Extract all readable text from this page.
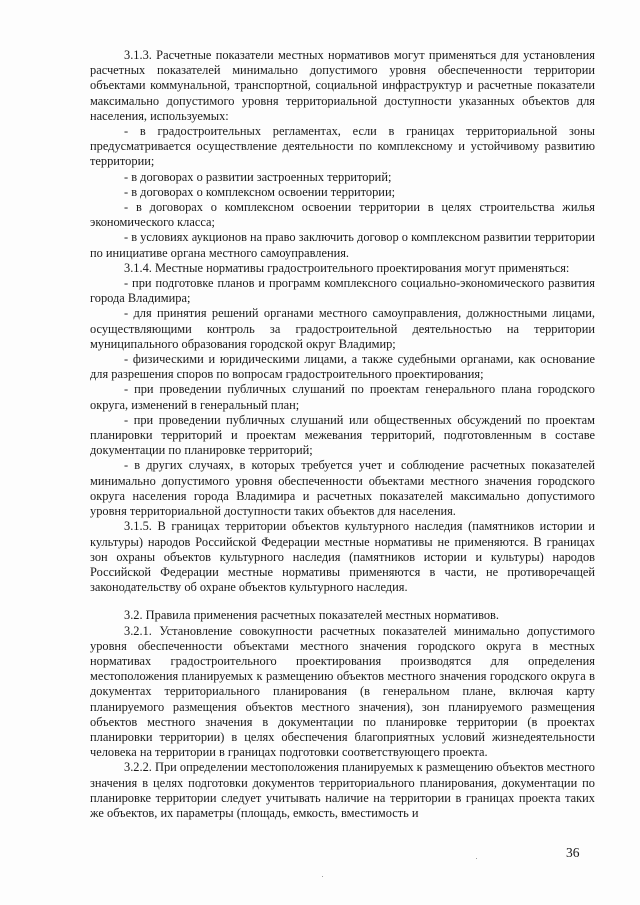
3.1.3. Расчетные показатели местных нормативов могут применяться для установления расчетных показателей минимально допустимого уровня обеспеченности территории объектами коммунальной, транспортной, социальной инфраструктур и расчетные показатели максимально допустимого уровня территориальной доступности указанных объектов для населения, используемых:

- в градостроительных регламентах, если в границах территориальной зоны предусматривается осуществление деятельности по комплексному и устойчивому развитию территории;

- в договорах о развитии застроенных территорий;

- в договорах о комплексном освоении территории;

- в договорах о комплексном освоении территории в целях строительства жилья экономического класса;

- в условиях аукционов на право заключить договор о комплексном развитии территории по инициативе органа местного самоуправления.

3.1.4. Местные нормативы градостроительного проектирования могут применяться:

- при подготовке планов и программ комплексного социально-экономического развития города Владимира;

- для принятия решений органами местного самоуправления, должностными лицами, осуществляющими контроль за градостроительной деятельностью на территории муниципального образования городской округ Владимир;

- физическими и юридическими лицами, а также судебными органами, как основание для разрешения споров по вопросам градостроительного проектирования;

- при проведении публичных слушаний по проектам генерального плана городского округа, изменений в генеральный план;

- при проведении публичных слушаний или общественных обсуждений по проектам планировки территорий и проектам межевания территорий, подготовленным в составе документации по планировке территорий;

- в других случаях, в которых требуется учет и соблюдение расчетных показателей минимально допустимого уровня обеспеченности объектами местного значения городского округа населения города Владимира и расчетных показателей максимально допустимого уровня территориальной доступности таких объектов для населения.

3.1.5. В границах территории объектов культурного наследия (памятников истории и культуры) народов Российской Федерации местные нормативы не применяются. В границах зон охраны объектов культурного наследия (памятников истории и культуры) народов Российской Федерации местные нормативы применяются в части, не противоречащей законодательству об охране объектов культурного наследия.

3.2. Правила применения расчетных показателей местных нормативов.

3.2.1. Установление совокупности расчетных показателей минимально допустимого уровня обеспеченности объектами местного значения городского округа в местных нормативах градостроительного проектирования производятся для определения местоположения планируемых к размещению объектов местного значения городского округа в документах территориального планирования (в генеральном плане, включая карту планируемого размещения объектов местного значения), зон планируемого размещения объектов местного значения в документации по планировке территории (в проектах планировки территории) в целях обеспечения благоприятных условий жизнедеятельности человека на территории в границах подготовки соответствующего проекта.

3.2.2. При определении местоположения планируемых к размещению объектов местного значения в целях подготовки документов территориального планирования, документации по планировке территории следует учитывать наличие на территории в границах проекта таких же объектов, их параметры (площадь, емкость, вместимость и

36
